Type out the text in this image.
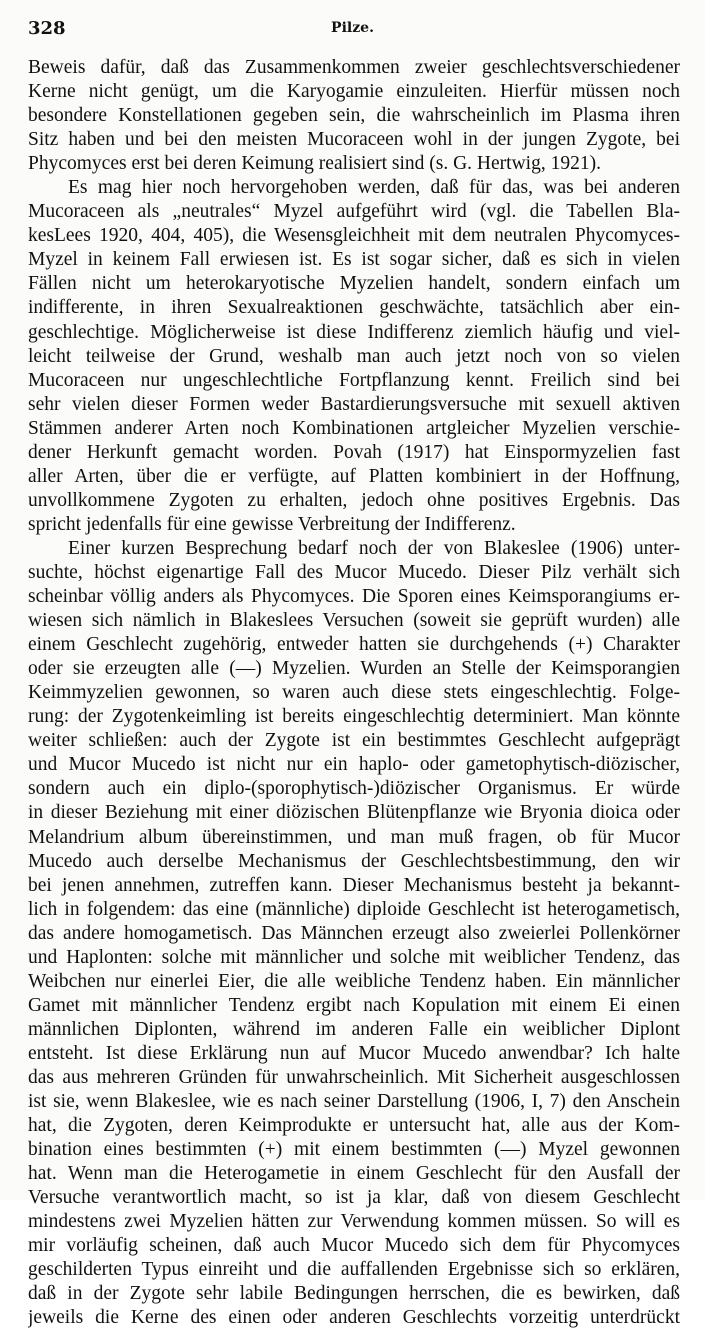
328	Pilze.
Beweis dafür, daß das Zusammenkommen zweier geschlechtsverschiedener
Kerne nicht genügt, um die Karyogamie einzuleiten. Hierfür müssen noch
besondere Konstellationen gegeben sein, die wahrscheinlich im Plasma ihren
Sitz haben und bei den meisten Mucoraceen wohl in der jungen Zygote, bei
Phycomyces erst bei deren Keimung realisiert sind (s. G. Hertwig, 1921).
Es mag hier noch hervorgehoben werden, daß für das, was bei anderen
Mucoraceen als „neutrales“ Myzel aufgeführt wird (vgl. die Tabellen Bla-
kesLees 1920, 404, 405), die Wesensgleichheit mit dem neutralen Phycomyces-
Myzel in keinem Fall erwiesen ist. Es ist sogar sicher, daß es sich in vielen
Fällen nicht um heterokaryotische Myzelien handelt, sondern einfach um
indifferente, in ihren Sexualreaktionen geschwächte, tatsächlich aber ein-
geschlechtige. Möglicherweise ist diese Indifferenz ziemlich häufig und viel-
leicht teilweise der Grund, weshalb man auch jetzt noch von so vielen
Mucoraceen nur ungeschlechtliche Fortpflanzung kennt. Freilich sind bei
sehr vielen dieser Formen weder Bastardierungsversuche mit sexuell aktiven
Stämmen anderer Arten noch Kombinationen artgleicher Myzelien verschie-
dener Herkunft gemacht worden. Povah (1917) hat Einspormyzelien fast
aller Arten, über die er verfügte, auf Platten kombiniert in der Hoffnung,
unvollkommene Zygoten zu erhalten, jedoch ohne positives Ergebnis. Das
spricht jedenfalls für eine gewisse Verbreitung der Indifferenz.
Einer kurzen Besprechung bedarf noch der von Blakeslee (1906) unter-
suchte, höchst eigenartige Fall des Mucor Mucedo. Dieser Pilz verhält sich
scheinbar völlig anders als Phycomyces. Die Sporen eines Keimsporangiums er-
wiesen sich nämlich in Blakeslees Versuchen (soweit sie geprüft wurden) alle
einem Geschlecht zugehörig, entweder hatten sie durchgehends (+) Charakter
oder sie erzeugten alle (—) Myzelien. Wurden an Stelle der Keimsporangien
Keimmyzelien gewonnen, so waren auch diese stets eingeschlechtig. Folge-
rung: der Zygotenkeimling ist bereits eingeschlechtig determiniert. Man könnte
weiter schließen: auch der Zygote ist ein bestimmtes Geschlecht aufgeprägt
und Mucor Mucedo ist nicht nur ein haplo- oder gametophytisch-diözischer,
sondern auch ein diplo-(sporophytisch-)diözischer Organismus. Er würde
in dieser Beziehung mit einer diözischen Blütenpflanze wie Bryonia dioica oder
Melandrium album übereinstimmen, und man muß fragen, ob für Mucor
Mucedo auch derselbe Mechanismus der Geschlechtsbestimmung, den wir
bei jenen annehmen, zutreffen kann. Dieser Mechanismus besteht ja bekannt-
lich in folgendem: das eine (männliche) diploide Geschlecht ist heterogametisch,
das andere homogametisch. Das Männchen erzeugt also zweierlei Pollenkörner
und Haplonten: solche mit männlicher und solche mit weiblicher Tendenz, das
Weibchen nur einerlei Eier, die alle weibliche Tendenz haben. Ein männlicher
Gamet mit männlicher Tendenz ergibt nach Kopulation mit einem Ei einen
männlichen Diplonten, während im anderen Falle ein weiblicher Diplont
entsteht. Ist diese Erklärung nun auf Mucor Mucedo anwendbar? Ich halte
das aus mehreren Gründen für unwahrscheinlich. Mit Sicherheit ausgeschlossen
ist sie, wenn Blakeslee, wie es nach seiner Darstellung (1906, I, 7) den Anschein
hat, die Zygoten, deren Keimprodukte er untersucht hat, alle aus der Kom-
bination eines bestimmten (+) mit einem bestimmten (—) Myzel gewonnen
hat. Wenn man die Heterogametie in einem Geschlecht für den Ausfall der
Versuche verantwortlich macht, so ist ja klar, daß von diesem Geschlecht
mindestens zwei Myzelien hätten zur Verwendung kommen müssen. So will es
mir vorläufig scheinen, daß auch Mucor Mucedo sich dem für Phycomyces
geschilderten Typus einreiht und die auffallenden Ergebnisse sich so erklären,
daß in der Zygote sehr labile Bedingungen herrschen, die es bewirken, daß
jeweils die Kerne des einen oder anderen Geschlechts vorzeitig unterdrückt
